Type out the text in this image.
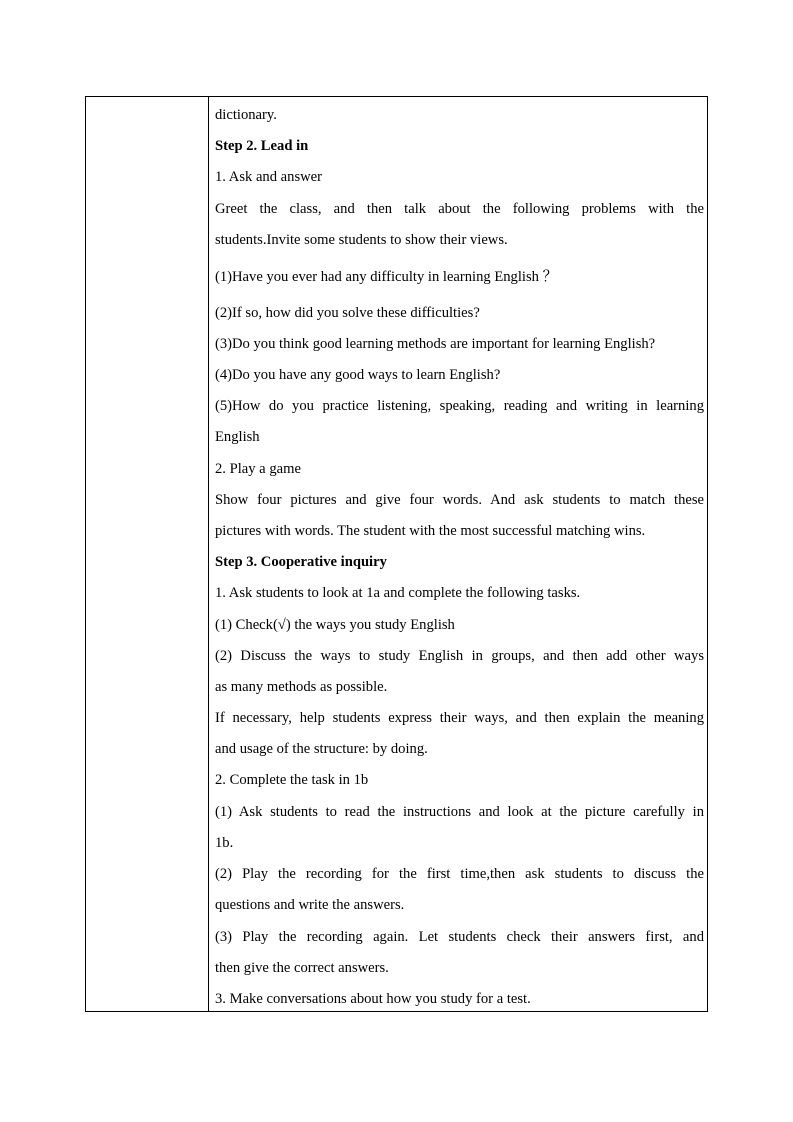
dictionary.
Step 2. Lead in
1. Ask and answer
Greet the class, and then talk about the following problems with the
students.Invite some students to show their views.
(1)Have you ever had any difficulty in learning English ？
(2)If so, how did you solve these difficulties?
(3)Do you think good learning methods are important for learning English?
(4)Do you have any good ways to learn English?
(5)How do you practice listening, speaking, reading and writing in learning
English
2. Play a game
Show four pictures and give four words. And ask students to match these
pictures with words. The student with the most successful matching wins.
Step 3. Cooperative inquiry
1. Ask students to look at 1a and complete the following tasks.
(1) Check(√) the ways you study English
(2) Discuss the ways to study English in groups, and then add other ways
as many methods as possible.
If necessary, help students express their ways, and then explain the meaning
and usage of the structure: by doing.
2. Complete the task in 1b
(1) Ask students to read the instructions and look at the picture carefully in
1b.
(2) Play the recording for the first time,then ask students to discuss the
questions and write the answers.
(3) Play the recording again. Let students check their answers first, and
then give the correct answers.
3. Make conversations about how you study for a test.
